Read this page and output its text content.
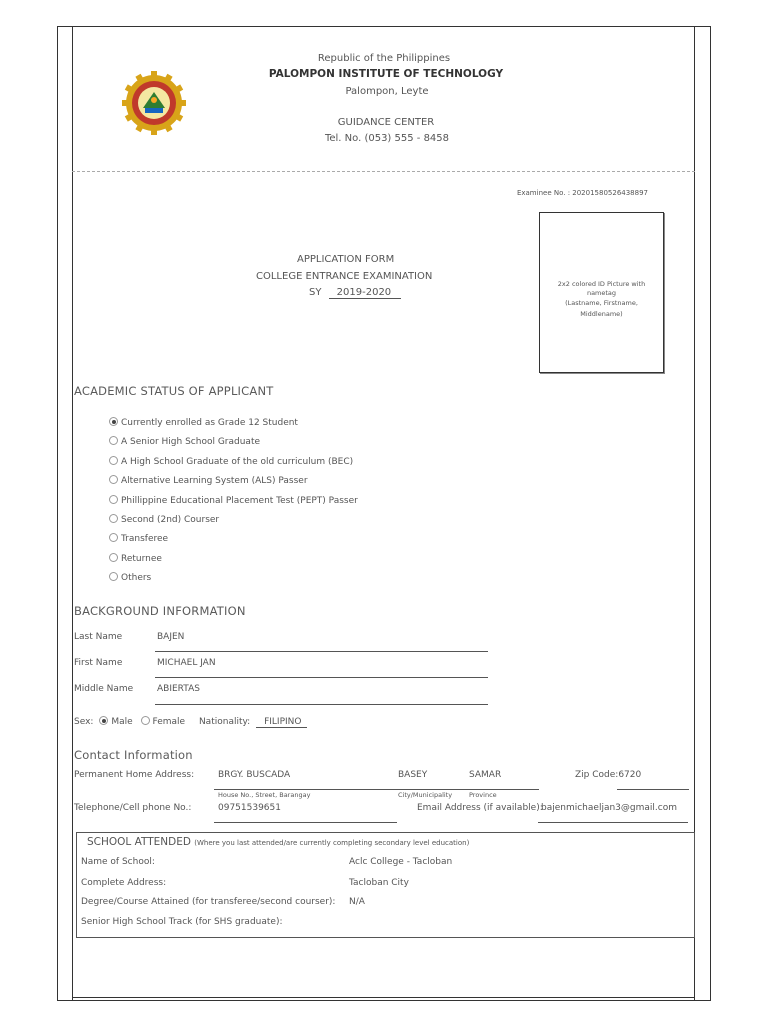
Republic of the Philippines
PALOMPON INSTITUTE OF TECHNOLOGY
Palompon, Leyte
GUIDANCE CENTER
Tel. No. (053) 555 - 8458
Examinee No. : 20201580526438897
APPLICATION FORM
COLLEGE ENTRANCE EXAMINATION
SY 2019-2020
2x2 colored ID Picture with
nametag
(Lastname, Firstname,
Middlename)
ACADEMIC STATUS OF APPLICANT
Currently enrolled as Grade 12 Student
A Senior High School Graduate
A High School Graduate of the old curriculum (BEC)
Alternative Learning System (ALS) Passer
Phillippine Educational Placement Test (PEPT) Passer
Second (2nd) Courser
Transferee
Returnee
Others
BACKGROUND INFORMATION
Last Name	BAJEN
First Name	MICHAEL JAN
Middle Name	ABIERTAS
Sex: Male Female Nationality: FILIPINO
Contact Information
Permanent Home Address:	BRGY. BUSCADA	BASEY	SAMAR	Zip Code:6720
House No., Street, Barangay	City/Municipality	Province
Telephone/Cell phone No.:	09751539651	Email Address (if available):
bajenmichaeljan3@gmail.com
SCHOOL ATTENDED (Where you last attended/are currently completing secondary level education)
Name of School:	Aclc College - Tacloban
Complete Address:	Tacloban City
Degree/Course Attained (for transferee/second courser): N/A
Senior High School Track (for SHS graduate):
